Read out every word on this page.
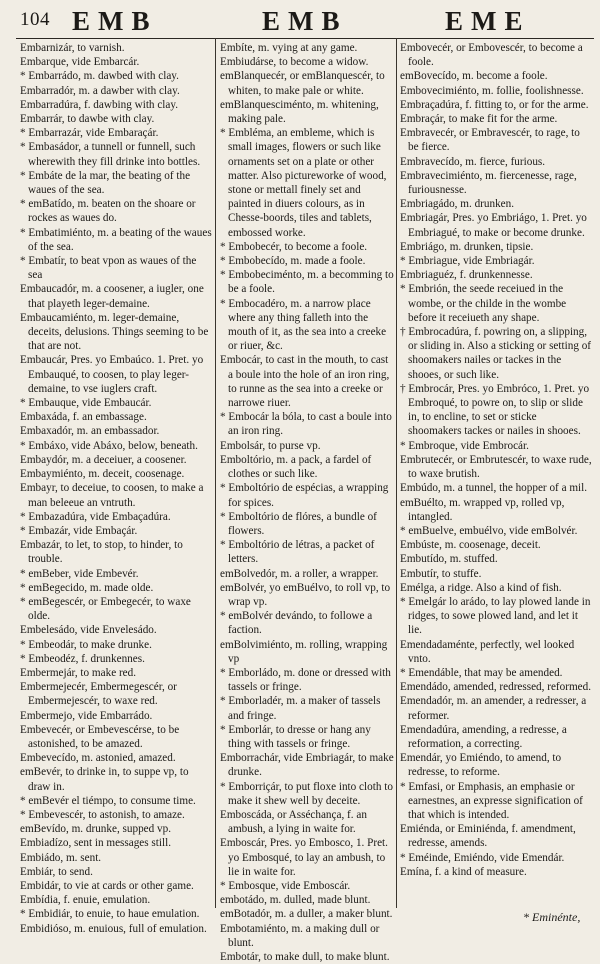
104 EMB	EMB	EME

Embarnizár, to varnish.

Embarque, vide Embarcár.

* Embarrádo, m. dawbed with clay.

Embarradór, m. a dawber with clay.

Embarradúra, f. dawbing with clay.

Embarrár, to dawbe with clay.

* Embarrazár, vide Embaraçár.

* Embasádor, a tunnell or funnell, such wherewith they fill drinke into bottles.

* Embáte de la mar, the beating of the waues of the sea.

* emBatído, m. beaten on the shoare or rockes as waues do.

* Embatimiénto, m. a beating of the waues of the sea.

* Embatír, to beat vpon as waues of the sea

Embaucadór, m. a coosener, a iugler, one that playeth leger-demaine.

Embaucamiénto, m. leger-demaine, deceits, delusions. Things seeming to be that are not.

Embaucár, Pres. yo Embaúco. 1. Pret. yo Embauqué, to coosen, to play leger-demaine, to vse iuglers craft.

* Embauque, vide Embaucár.

Embaxáda, f. an embassage.

Embaxadór, m. an embassador.

* Embáxo, vide Abáxo, below, beneath.

Embaydór, m. a deceiuer, a coosener.

Embaymiénto, m. deceit, coosenage.

Embayr, to deceiue, to coosen, to make a man beleeue an vntruth.

* Embazadúra, vide Embaçadúra.

* Embazár, vide Embaçár.

Embazár, to let, to stop, to hinder, to trouble.

* emBeber, vide Embevér.

* emBegecido, m. made olde.

* emBegescér, or Embegecér, to waxe olde.

Embelesádo, vide Envelesádo.

* Embeodár, to make drunke.

* Embeodéz, f. drunkennes.

Embermejár, to make red.

Embermejecér, Embermegescér, or Embermejescér, to waxe red.

Embermejo, vide Embarrádo.

Embevecér, or Embevescérse, to be astonished, to be amazed.

Embevecído, m. astonied, amazed.

emBevér, to drinke in, to suppe vp, to draw in.

* emBevér el tiémpo, to consume time.

* Embevescér, to astonish, to amaze.

emBevído, m. drunke, supped vp.

Embiadízo, sent in messages still.

Embiádo, m. sent.

Embiár, to send.

Embidár, to vie at cards or other game.

Embídia, f. enuie, emulation.

* Embidiár, to enuie, to haue emulation.

Embidióso, m. enuious, full of emulation.

Embíte, m. vying at any game.

Embiudárse, to become a widow.

emBlanquecér, or emBlanquescér, to whiten, to make pale or white.

emBlanquesciménto, m. whitening, making pale.

* Embléma, an embleme, which is small images, flowers or such like ornaments set on a plate or other matter. Also pictureworke of wood, stone or mettall finely set and painted in diuers colours, as in Chesse-boords, tiles and tablets, embossed worke.

* Embobecér, to become a foole.

* Embobecído, m. made a foole.

* Embobeciménto, m. a becomming to be a foole.

* Embocadéro, m. a narrow place where any thing falleth into the mouth of it, as the sea into a creeke or riuer, &c.

Embocár, to cast in the mouth, to cast a boule into the hole of an iron ring, to runne as the sea into a creeke or narrowe riuer.

* Embocár la bóla, to cast a boule into an iron ring.

Embolsár, to purse vp.

Emboltório, m. a pack, a fardel of clothes or such like.

* Emboltório de espécias, a wrapping for spices.

* Emboltório de flóres, a bundle of flowers.

* Emboltório de létras, a packet of letters.

emBolvedór, m. a roller, a wrapper.

emBolvér, yo emBuélvo, to roll vp, to wrap vp.

* emBolvér devándo, to followe a faction.

emBolvimiénto, m. rolling, wrapping vp

* Emborládo, m. done or dressed with tassels or fringe.

* Emborladér, m. a maker of tassels and fringe.

* Emborlár, to dresse or hang any thing with tassels or fringe.

Emborrachár, vide Embriagár, to make drunke.

* Emborriçár, to put floxe into cloth to make it shew well by deceite.

Emboscáda, or Asséchança, f. an ambush, a lying in waite for.

Emboscár, Pres. yo Embosco, 1. Pret. yo Embosqué, to lay an ambush, to lie in waite for.

* Embosque, vide Emboscár.

embotádo, m. dulled, made blunt.

emBotadór, m. a duller, a maker blunt.

Embotamiénto, m. a making dull or blunt.

Embotár, to make dull, to make blunt.

Embovecér, or Embovescér, to become a foole.

emBovecído, m. become a foole.

Embovecimiénto, m. follie, foolishnesse.

Embraçadúra, f. fitting to, or for the arme.

Embraçár, to make fit for the arme.

Embravecér, or Embravescér, to rage, to be fierce.

Embravecído, m. fierce, furious.

Embravecimiénto, m. fiercenesse, rage, furiousnesse.

Embriagádo, m. drunken.

Embriagár, Pres. yo Embriágo, 1. Pret. yo Embriagué, to make or become drunke.

Embriágo, m. drunken, tipsie.

* Embriague, vide Embriagár.

Embriaguéz, f. drunkennesse.

* Embrión, the seede receiued in the wombe, or the childe in the wombe before it receiueth any shape.

† Embrocadúra, f. powring on, a slipping, or sliding in. Also a sticking or setting of shoomakers nailes or tackes in the shooes, or such like.

† Embrocár, Pres. yo Embróco, 1. Pret. yo Embroqué, to powre on, to slip or slide in, to encline, to set or sticke shoomakers tackes or nailes in shooes.

* Embroque, vide Embrocár.

Embrutecér, or Embrutescér, to waxe rude, to waxe brutish.

Embúdo, m. a tunnel, the hopper of a mil.

emBuélto, m. wrapped vp, rolled vp, intangled.

* emBuelve, embuélvo, vide emBolvér.

Embúste, m. coosenage, deceit.

Embutído, m. stuffed.

Embutír, to stuffe.

Emélga, a ridge. Also a kind of fish.

* Emelgár lo arádo, to lay plowed lande in ridges, to sowe plowed land, and let it lie.

Emendadaménte, perfectly, wel looked vnto.

* Emendáble, that may be amended.

Emendádo, amended, redressed, reformed.

Emendadór, m. an amender, a redresser, a reformer.

Emendadúra, amending, a redresse, a reformation, a correcting.

Emendár, yo Emiéndo, to amend, to redresse, to reforme.

* Emfasi, or Emphasis, an emphasie or earnestnes, an expresse signification of that which is intended.

Emiénda, or Eminiénda, f. amendment, redresse, amends.

* Eméinde, Emiéndo, vide Emendár.

Emína, f. a kind of measure.

* Eminénte,
